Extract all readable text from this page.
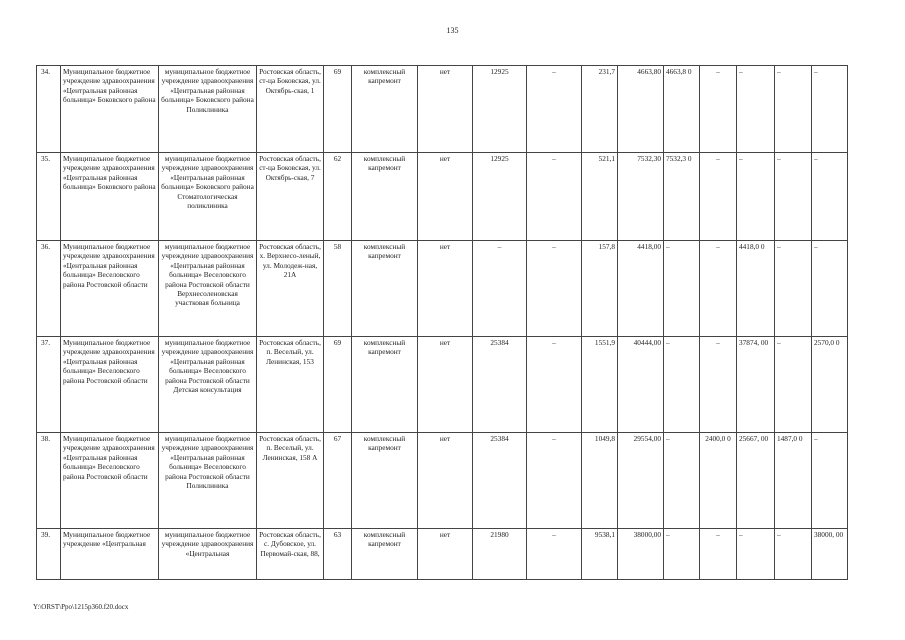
135
34.	Муниципальное бюджетное учреждение здравоохранения «Центральная районная больница» Боковского района	муниципальное бюджетное учреждение здравоохранения «Центральная районная больница» Боковского района Поликлиника	Ростовская область, ст-ца Боковская, ул. Октябрь-ская, 1	69	комплексный капремонт	нет	12925	–	231,7	4663,80	4663,8 0	–	–	–	–

35.	Муниципальное бюджетное учреждение здравоохранения «Центральная районная больница» Боковского района	муниципальное бюджетное учреждение здравоохранения «Центральная районная больница» Боковского района Стоматологическая поликлиника	Ростовская область, ст-ца Боковская, ул. Октябрь-ская, 7	62	комплексный капремонт	нет	12925	–	521,1	7532,30	7532,3 0	–	–	–	–

36.	Муниципальное бюджетное учреждение здравоохранения «Центральная районная больница» Веселовского района Ростовской области	муниципальное бюджетное учреждение здравоохранения «Центральная районная больница» Веселовского района Ростовской области Верхнесоленовская участковая больница	Ростовская область, х. Верхнесо-леный, ул. Молодеж-ная, 21А	58	комплексный капремонт	нет	–	–	157,8	4418,00	–	–	4418,0 0	–	–

37.	Муниципальное бюджетное учреждение здравоохранения «Центральная районная больница» Веселовского района Ростовской области	муниципальное бюджетное учреждение здравоохранения «Центральная районная больница» Веселовского района Ростовской области Детская консультация	Ростовская область, п. Веселый, ул. Ленинская, 153	69	комплексный капремонт	нет	25384	–	1551,9	40444,00	–	–	37874, 00	–	2570,0 0

38.	Муниципальное бюджетное учреждение здравоохранения «Центральная районная больница» Веселовского района Ростовской области	муниципальное бюджетное учреждение здравоохранения «Центральная районная больница» Веселовского района Ростовской области Поликлиника	Ростовская область, п. Веселый, ул. Ленинская, 158 А	67	комплексный капремонт	нет	25384	–	1049,8	29554,00	–	2400,0 0	25667, 00	1487,0 0	–

39.	Муниципальное бюджетное учреждение «Центральная	муниципальное бюджетное учреждение здравоохранения «Центральная	Ростовская область, с. Дубовское, ул. Первомай-ская, 88,	63	комплексный капремонт	нет	21980	–	9538,1	38000,00	–	–	–	–	38000, 00
Y:\ORST\Ppo\1215p360.f20.docx
